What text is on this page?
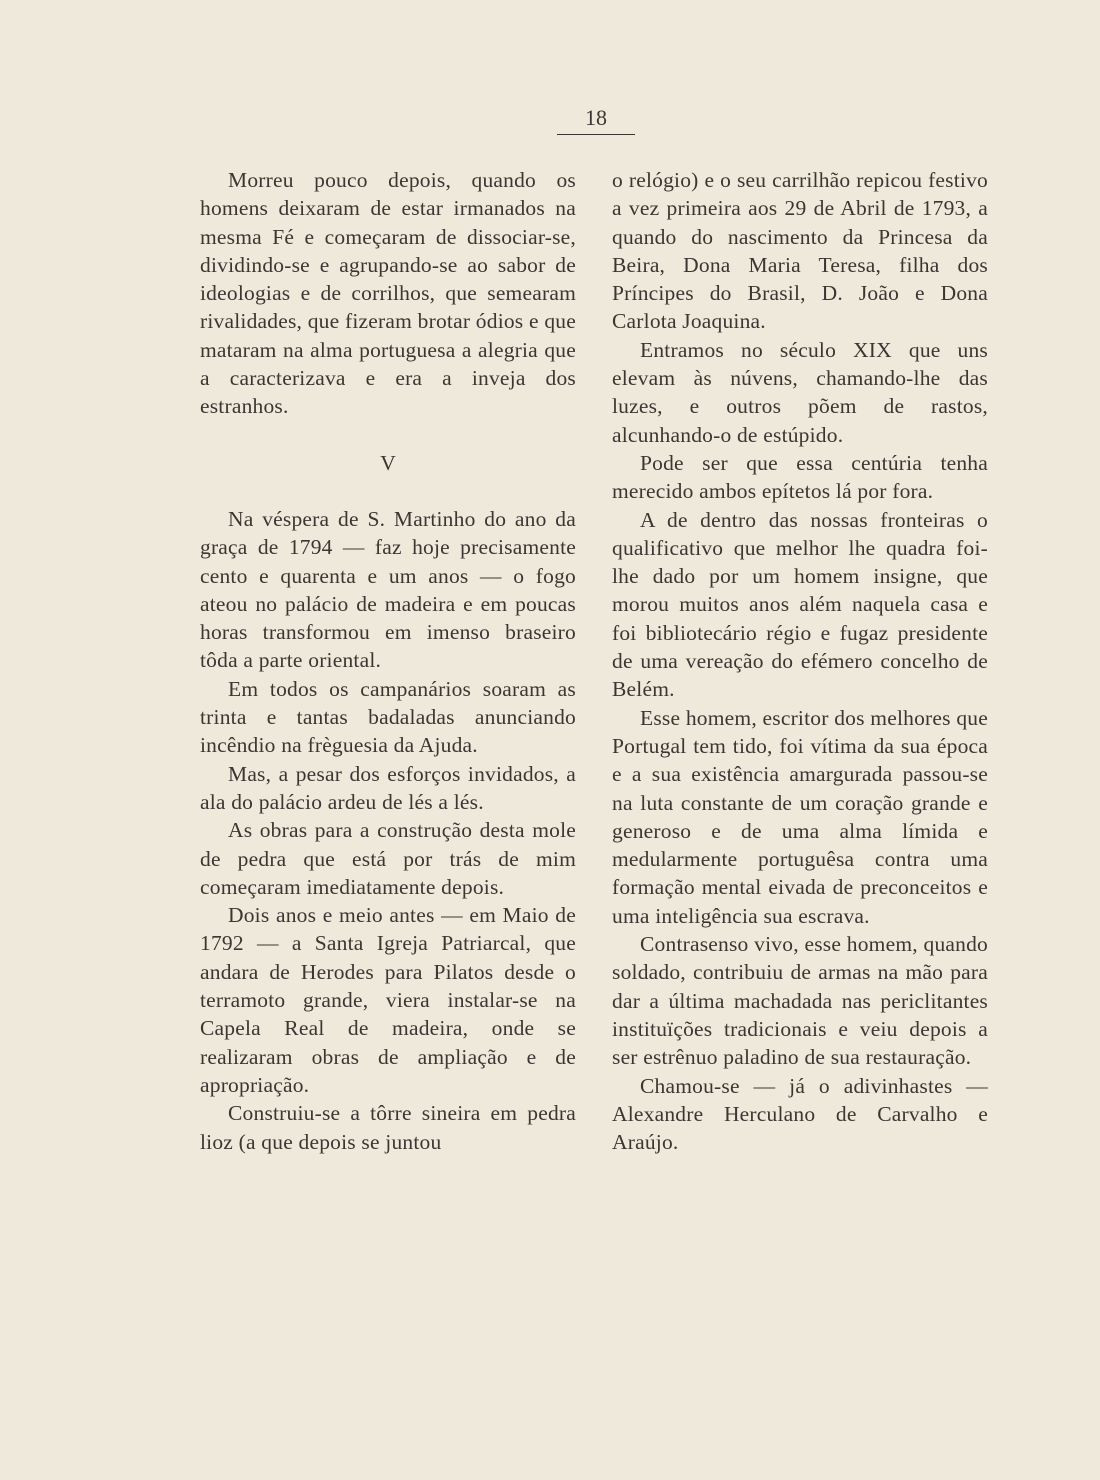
18

Morreu pouco depois, quando os homens deixaram de estar irmanados na mesma Fé e começaram de dissociar-se, dividindo-se e agrupando-se ao sabor de ideologias e de corrilhos, que semearam rivalidades, que fizeram brotar ódios e que mataram na alma portuguesa a alegria que a caracterizava e era a inveja dos estranhos.

V

Na véspera de S. Martinho do ano da graça de 1794 — faz hoje precisamente cento e quarenta e um anos — o fogo ateou no palácio de madeira e em poucas horas transformou em imenso braseiro tôda a parte oriental.

Em todos os campanários soaram as trinta e tantas badaladas anunciando incêndio na frèguesia da Ajuda.

Mas, a pesar dos esforços invidados, a ala do palácio ardeu de lés a lés.

As obras para a construção desta mole de pedra que está por trás de mim começaram imediatamente depois.

Dois anos e meio antes — em Maio de 1792 — a Santa Igreja Patriarcal, que andara de Herodes para Pilatos desde o terramoto grande, viera instalar-se na Capela Real de madeira, onde se realizaram obras de ampliação e de apropriação.

Construiu-se a tôrre sineira em pedra lioz (a que depois se juntou

o relógio) e o seu carrilhão repicou festivo a vez primeira aos 29 de Abril de 1793, a quando do nascimento da Princesa da Beira, Dona Maria Teresa, filha dos Príncipes do Brasil, D. João e Dona Carlota Joaquina.

Entramos no século XIX que uns elevam às núvens, chamando-lhe das luzes, e outros põem de rastos, alcunhando-o de estúpido.

Pode ser que essa centúria tenha merecido ambos epítetos lá por fora.

A de dentro das nossas fronteiras o qualificativo que melhor lhe quadra foi-lhe dado por um homem insigne, que morou muitos anos além naquela casa e foi bibliotecário régio e fugaz presidente de uma vereação do efémero concelho de Belém.

Esse homem, escritor dos melhores que Portugal tem tido, foi vítima da sua época e a sua existência amargurada passou-se na luta constante de um coração grande e generoso e de uma alma límida e medularmente portuguêsa contra uma formação mental eivada de preconceitos e uma inteligência sua escrava.

Contrasenso vivo, esse homem, quando soldado, contribuiu de armas na mão para dar a última machadada nas periclitantes instituïções tradicionais e veiu depois a ser estrênuo paladino de sua restauração.

Chamou-se — já o adivinhastes — Alexandre Herculano de Carvalho e Araújo.
